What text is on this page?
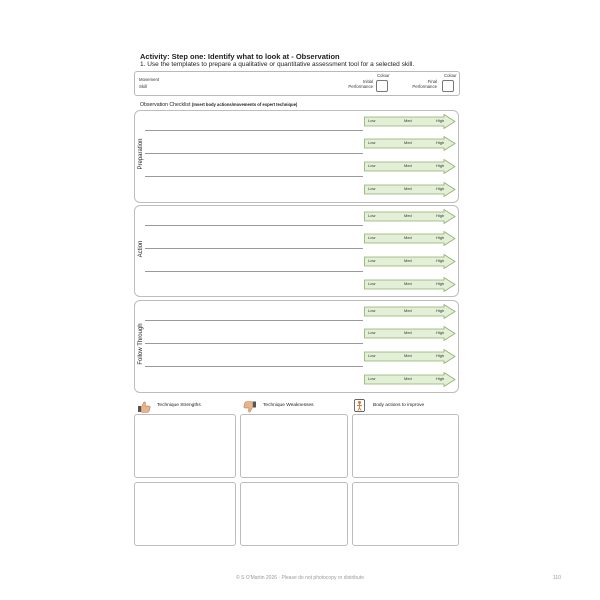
Activity: Step one: Identify what to look at - Observation
1. Use the templates to prepare a qualitative or quantitative assessment tool for a selected skill.
Movement
Skill
Initial
Performance
Colour
Final
Performance
Colour
Observation Checklist (Insert body actions/movements of expert technique)
Preparation
Action
Follow Through
Low	Med	High
Low	Med	High
Low	Med	High
Low	Med	High
Low	Med	High
Low	Med	High
Low	Med	High
Low	Med	High
Low	Med	High
Low	Med	High
Low	Med	High
Low	Med	High
Technique Strengths	Technique Weaknesses	Body actions to improve
© S O'Martin 2026 · Please do not photocopy or distribute	110
